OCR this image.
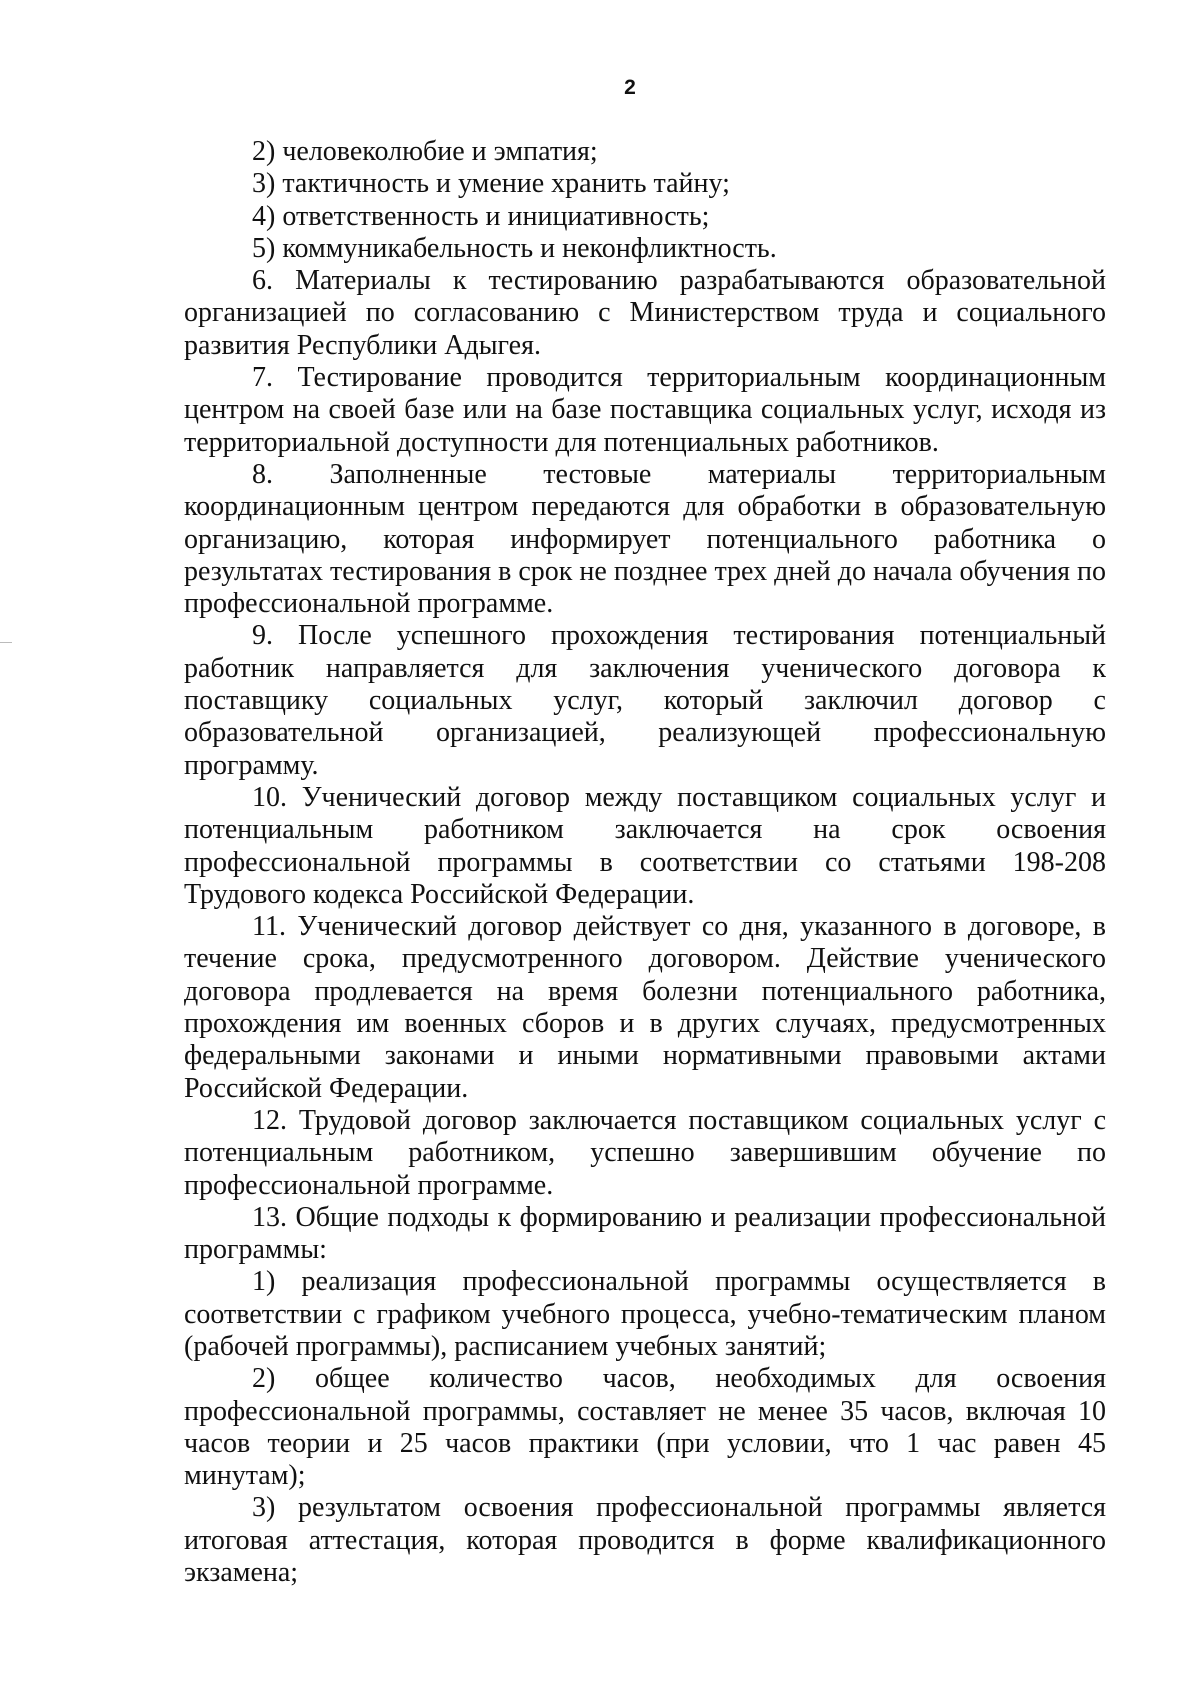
2

2) человеколюбие и эмпатия;

3) тактичность и умение хранить тайну;

4) ответственность и инициативность;

5) коммуникабельность и неконфликтность.

6. Материалы к тестированию разрабатываются образовательной организацией по согласованию с Министерством труда и социального развития Республики Адыгея.

7. Тестирование проводится территориальным координационным центром на своей базе или на базе поставщика социальных услуг, исходя из территориальной доступности для потенциальных работников.

8. Заполненные тестовые материалы территориальным координационным центром передаются для обработки в образовательную организацию, которая информирует потенциального работника о результатах тестирования в срок не позднее трех дней до начала обучения по профессиональной программе.

9. После успешного прохождения тестирования потенциальный работник направляется для заключения ученического договора к поставщику социальных услуг, который заключил договор с образовательной организацией, реализующей профессиональную программу.

10. Ученический договор между поставщиком социальных услуг и потенциальным работником заключается на срок освоения профессиональной программы в соответствии со статьями 198-208 Трудового кодекса Российской Федерации.

11. Ученический договор действует со дня, указанного в договоре, в течение срока, предусмотренного договором. Действие ученического договора продлевается на время болезни потенциального работника, прохождения им военных сборов и в других случаях, предусмотренных федеральными законами и иными нормативными правовыми актами Российской Федерации.

12. Трудовой договор заключается поставщиком социальных услуг с потенциальным работником, успешно завершившим обучение по профессиональной программе.

13. Общие подходы к формированию и реализации профессиональной программы:

1) реализация профессиональной программы осуществляется в соответствии с графиком учебного процесса, учебно-тематическим планом (рабочей программы), расписанием учебных занятий;

2) общее количество часов, необходимых для освоения профессиональной программы, составляет не менее 35 часов, включая 10 часов теории и 25 часов практики (при условии, что 1 час равен 45 минутам);

3) результатом освоения профессиональной программы является итоговая аттестация, которая проводится в форме квалификационного экзамена;
